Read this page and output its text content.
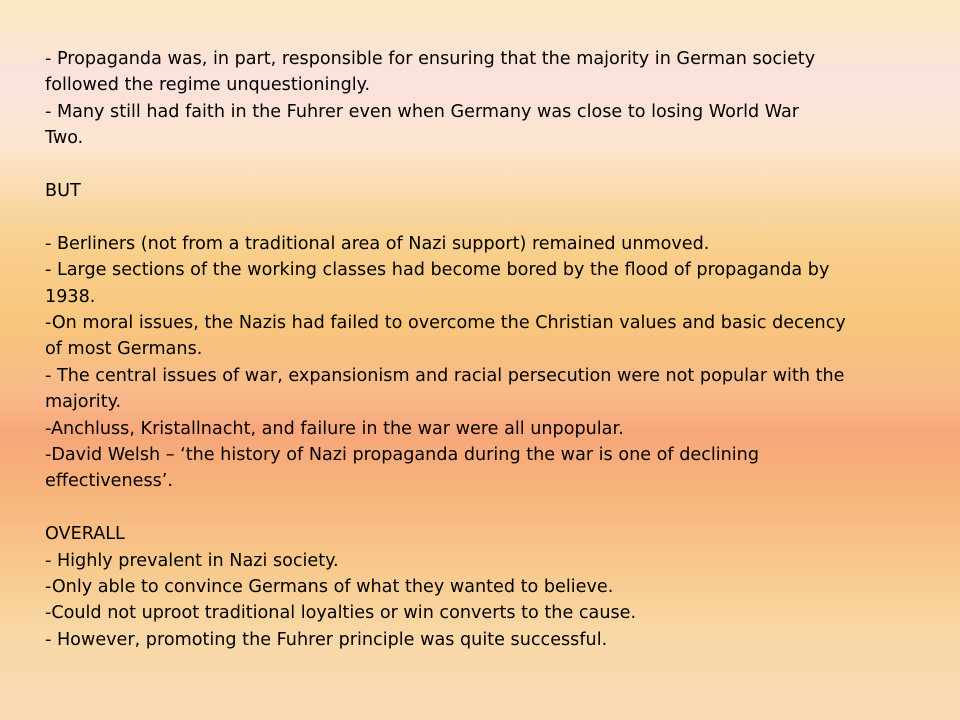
- Propaganda was, in part, responsible for ensuring that the majority in German society
followed the regime unquestioningly.
- Many still had faith in the Fuhrer even when Germany was close to losing World War
Two.
BUT
- Berliners (not from a traditional area of Nazi support) remained unmoved.
- Large sections of the working classes had become bored by the flood of propaganda by
1938.
-On moral issues, the Nazis had failed to overcome the Christian values and basic decency
of most Germans.
- The central issues of war, expansionism and racial persecution were not popular with the
majority.
-Anchluss, Kristallnacht, and failure in the war were all unpopular.
-David Welsh – ‘the history of Nazi propaganda during the war is one of declining
effectiveness’.
OVERALL
- Highly prevalent in Nazi society.
-Only able to convince Germans of what they wanted to believe.
-Could not uproot traditional loyalties or win converts to the cause.
- However, promoting the Fuhrer principle was quite successful.
